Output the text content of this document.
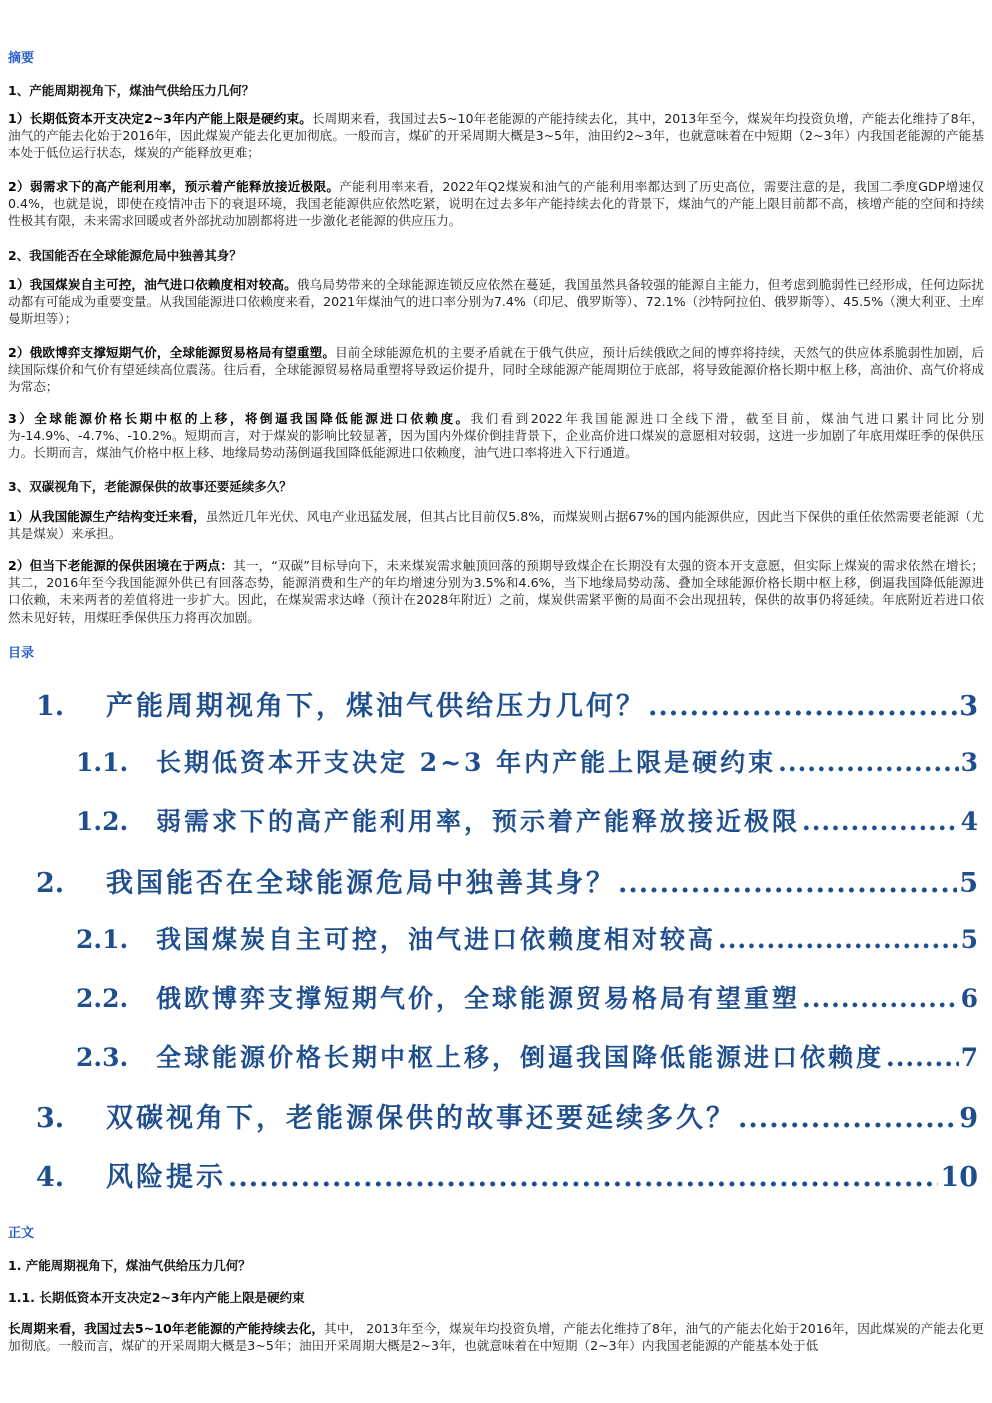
摘要
1、产能周期视角下，煤油气供给压力几何？
1）长期低资本开支决定2~3年内产能上限是硬约束。长周期来看，我国过去5~10年老能源的产能持续去化，其中，2013年至今，煤炭年均投资负增，产能去化维持了8年，油气的产能去化始于2016年，因此煤炭产能去化更加彻底。一般而言，煤矿的开采周期大概是3~5年，油田约2~3年，也就意味着在中短期（2~3年）内我国老能源的产能基本处于低位运行状态，煤炭的产能释放更难；
2）弱需求下的高产能利用率，预示着产能释放接近极限。产能利用率来看，2022年Q2煤炭和油气的产能利用率都达到了历史高位，需要注意的是，我国二季度GDP增速仅0.4%，也就是说，即使在疫情冲击下的衰退环境，我国老能源供应依然吃紧，说明在过去多年产能持续去化的背景下，煤油气的产能上限目前都不高，核增产能的空间和持续性极其有限，未来需求回暖或者外部扰动加剧都将进一步激化老能源的供应压力。
2、我国能否在全球能源危局中独善其身？
1）我国煤炭自主可控，油气进口依赖度相对较高。俄乌局势带来的全球能源连锁反应依然在蔓延，我国虽然具备较强的能源自主能力，但考虑到脆弱性已经形成，任何边际扰动都有可能成为重要变量。从我国能源进口依赖度来看，2021年煤油气的进口率分别为7.4%（印尼、俄罗斯等）、72.1%（沙特阿拉伯、俄罗斯等）、45.5%（澳大利亚、土库曼斯坦等）；
2）俄欧博弈支撑短期气价，全球能源贸易格局有望重塑。目前全球能源危机的主要矛盾就在于俄气供应，预计后续俄欧之间的博弈将持续，天然气的供应体系脆弱性加剧，后续国际煤价和气价有望延续高位震荡。往后看，全球能源贸易格局重塑将导致运价提升，同时全球能源产能周期位于底部，将导致能源价格长期中枢上移，高油价、高气价将成为常态；
3）全球能源价格长期中枢的上移，将倒逼我国降低能源进口依赖度。我们看到2022年我国能源进口全线下滑，截至目前，煤油气进口累计同比分别为-14.9%、-4.7%、-10.2%。短期而言，对于煤炭的影响比较显著，因为国内外煤价倒挂背景下，企业高价进口煤炭的意愿相对较弱，这进一步加剧了年底用煤旺季的保供压力。长期而言，煤油气价格中枢上移、地缘局势动荡倒逼我国降低能源进口依赖度，油气进口率将进入下行通道。
3、双碳视角下，老能源保供的故事还要延续多久？
1）从我国能源生产结构变迁来看，虽然近几年光伏、风电产业迅猛发展，但其占比目前仅5.8%，而煤炭则占据67%的国内能源供应，因此当下保供的重任依然需要老能源（尤其是煤炭）来承担。
2）但当下老能源的保供困境在于两点：其一，“双碳”目标导向下，未来煤炭需求触顶回落的预期导致煤企在长期没有太强的资本开支意愿，但实际上煤炭的需求依然在增长；其二，2016年至今我国能源外供已有回落态势，能源消费和生产的年均增速分别为3.5%和4.6%，当下地缘局势动荡、叠加全球能源价格长期中枢上移，倒逼我国降低能源进口依赖，未来两者的差值将进一步扩大。因此，在煤炭需求达峰（预计在2028年附近）之前，煤炭供需紧平衡的局面不会出现扭转，保供的故事仍将延续。年底附近若进口依然未见好转，用煤旺季保供压力将再次加剧。
目录
1.	产能周期视角下，煤油气供给压力几何？ .....	3
1.1.	长期低资本开支决定 2~3 年内产能上限是硬约束 .....	3
1.2.	弱需求下的高产能利用率，预示着产能释放接近极限 .....	4
2.	我国能否在全球能源危局中独善其身？ .....	5
2.1.	我国煤炭自主可控，油气进口依赖度相对较高 .....	5
2.2.	俄欧博弈支撑短期气价，全球能源贸易格局有望重塑 .....	6
2.3.	全球能源价格长期中枢上移，倒逼我国降低能源进口依赖度 .....	7
3.	双碳视角下，老能源保供的故事还要延续多久？ .....	9
4.	风险提示 .....	10
正文
1. 产能周期视角下，煤油气供给压力几何？
1.1. 长期低资本开支决定2~3年内产能上限是硬约束
长周期来看，我国过去5~10年老能源的产能持续去化，其中， 2013年至今，煤炭年均投资负增，产能去化维持了8年，油气的产能去化始于2016年，因此煤炭的产能去化更加彻底。一般而言，煤矿的开采周期大概是3~5年；油田开采周期大概是2~3年，也就意味着在中短期（2~3年）内我国老能源的产能基本处于低
